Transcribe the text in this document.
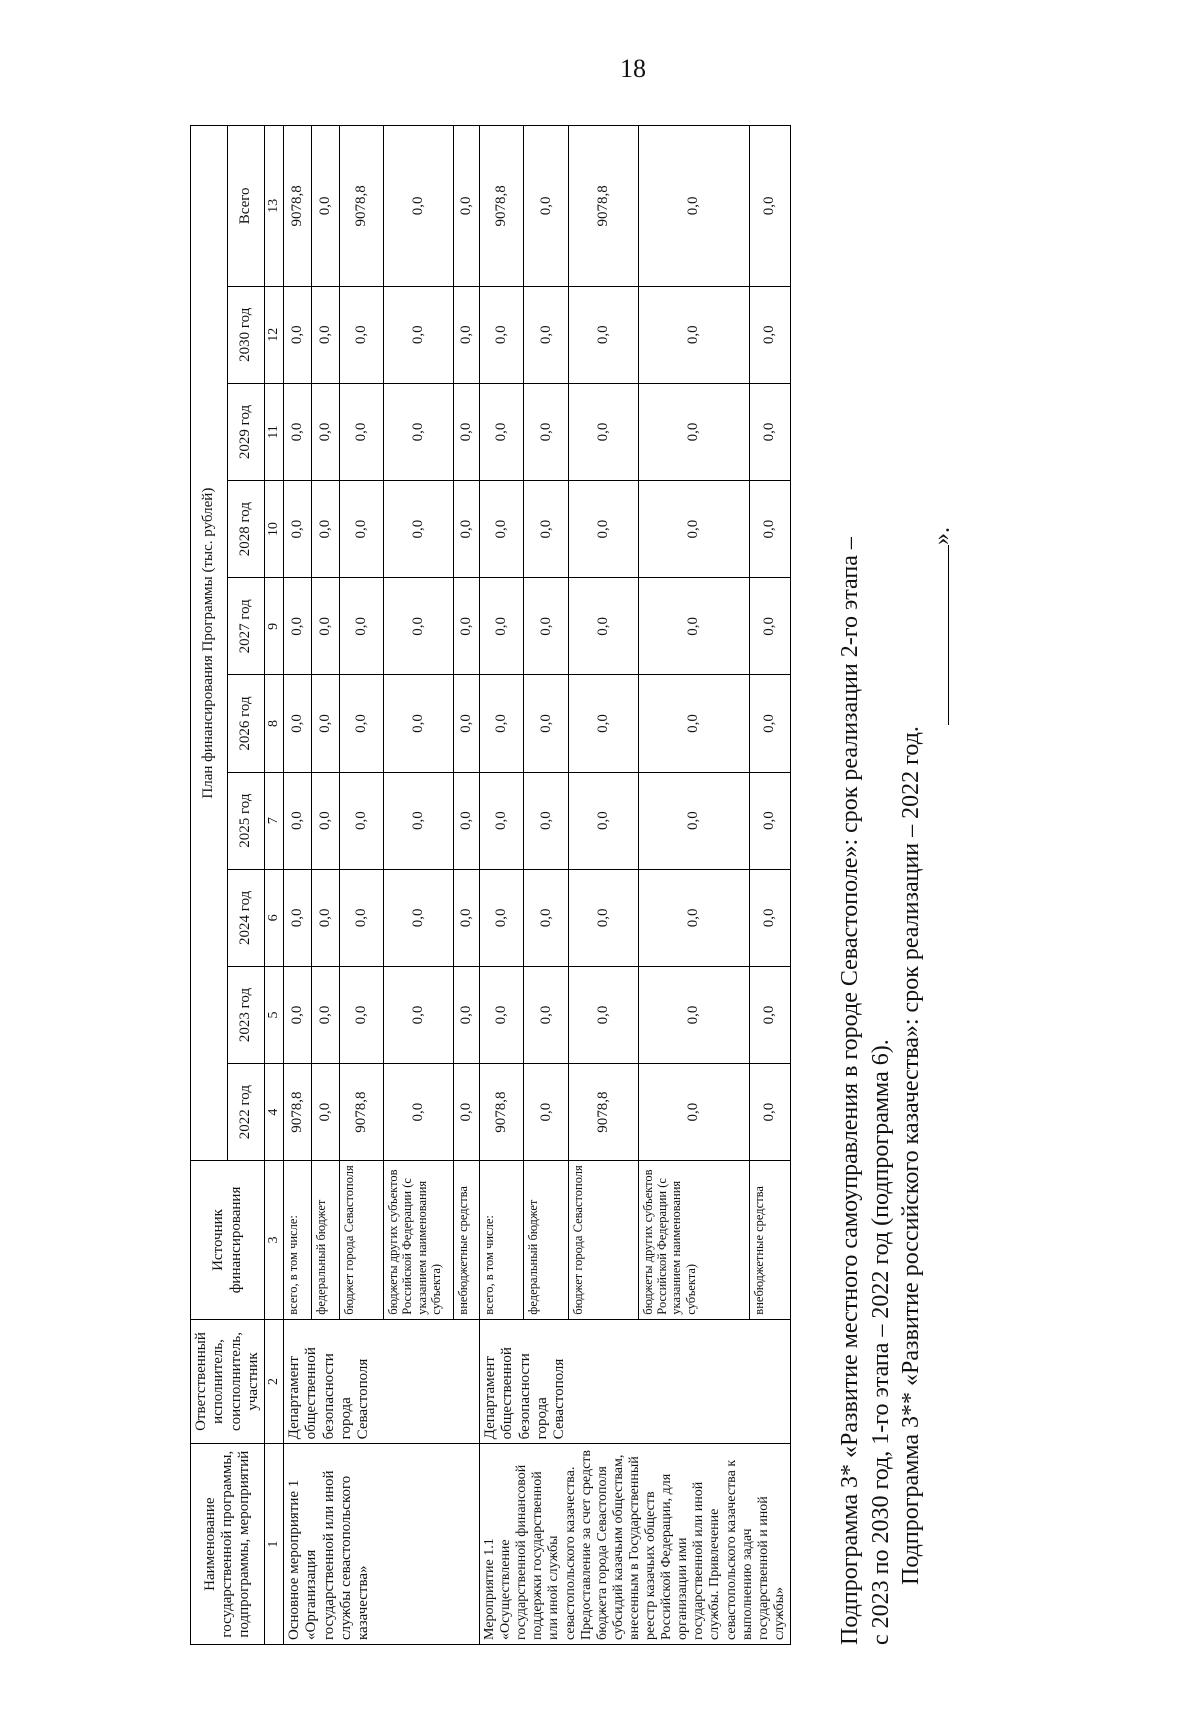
18
Наименование государственной программы, подпрограммы, мероприятий	Ответственный исполнитель, соисполнитель, участник	Источник финансирования	План финансирования Программы (тыс. рублей)									
			2022 год	2023 год	2024 год	2025 год	2026 год	2027 год	2028 год	2029 год	2030 год	Всего
1	2	3	4	5	6	7	8	9	10	11	12	13
Основное мероприятие 1 «Организация государственной или иной службы севастопольского казачества»	Департамент общественной безопасности города Севастополя	всего, в том числе:	9078,8	0,0	0,0	0,0	0,0	0,0	0,0	0,0	0,0	9078,8
		федеральный бюджет	0,0	0,0	0,0	0,0	0,0	0,0	0,0	0,0	0,0	0,0
		бюджет города Севастополя	9078,8	0,0	0,0	0,0	0,0	0,0	0,0	0,0	0,0	9078,8
		бюджеты других субъектов Российской Федерации (с указанием наименования субъекта)	0,0	0,0	0,0	0,0	0,0	0,0	0,0	0,0	0,0	0,0
		внебюджетные средства	0,0	0,0	0,0	0,0	0,0	0,0	0,0	0,0	0,0	0,0
Мероприятие 1.1 «Осуществление государственной финансовой поддержки государственной или иной службы севастопольского казачества. Предоставление за счет средств бюджета города Севастополя субсидий казачьим обществам, внесенным в Государственный реестр казачьих обществ Российской Федерации, для организации ими государственной или иной службы. Привлечение севастопольского казачества к выполнению задач государственной и иной службы»	Департамент общественной безопасности города Севастополя	всего, в том числе:	9078,8	0,0	0,0	0,0	0,0	0,0	0,0	0,0	0,0	9078,8
		федеральный бюджет	0,0	0,0	0,0	0,0	0,0	0,0	0,0	0,0	0,0	0,0
		бюджет города Севастополя	9078,8	0,0	0,0	0,0	0,0	0,0	0,0	0,0	0,0	9078,8
		бюджеты других субъектов Российской Федерации (с указанием наименования субъекта)	0,0	0,0	0,0	0,0	0,0	0,0	0,0	0,0	0,0	0,0
		внебюджетные средства	0,0	0,0	0,0	0,0	0,0	0,0	0,0	0,0	0,0	0,0
Подпрограмма 3* «Развитие местного самоуправления в городе Севастополе»: срок реализации 2-го этапа – с 2023 по 2030 год, 1-го этапа – 2022 год (подпрограмма 6). Подпрограмма 3** «Развитие российского казачества»: срок реализации – 2022 год.
».
